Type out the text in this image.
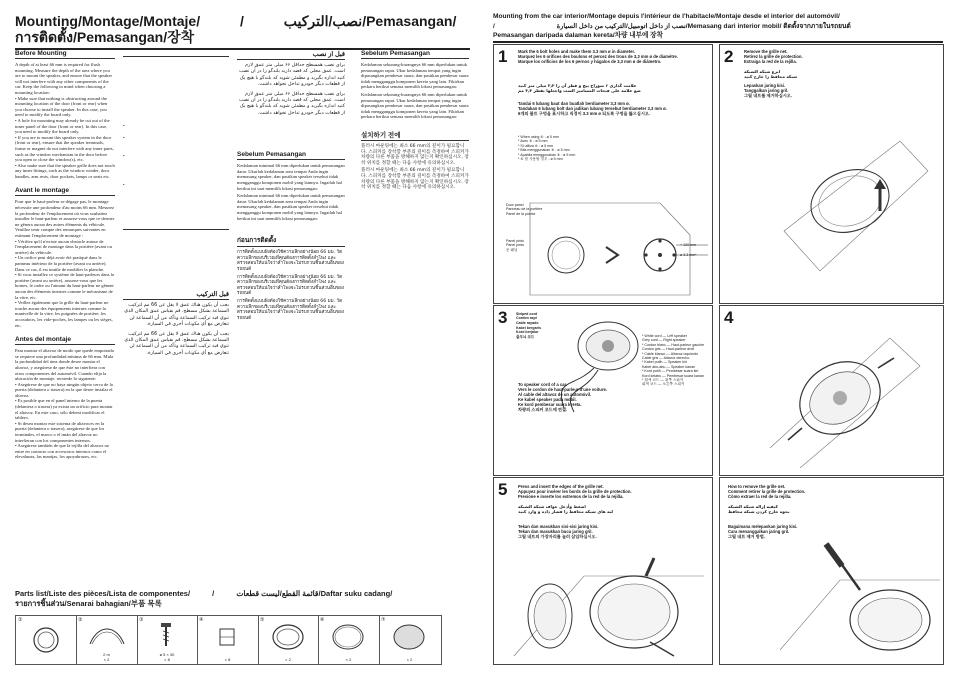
Mounting/Montage/Montaje/	/	نصب/التركيب/Pemasangan/
การติดตั้ง/Pemasangan/장착
Before Mounting

A depth of at least 66 mm is required for flush mounting. Measure the depth of the area where you are to mount the speaker, and ensure that the speaker will not interfere with any other components of the car. Keep the following in mind when choosing a mounting location:

• Make sure that nothing is obstructing around the mounting location of the door (front or rear) when you choose to install the speaker. In this case, you need to modify the board only.

• A hole for mounting may already be cut out of the inner panel of the door (front or rear). In this case, you need to modify the board only.

• If you are to mount this speaker system in the door (front or rear), ensure that the speaker terminals, frame or magnet do not interfere with any inner parts, such as the window mechanism in the door before you open or close the window(s), etc.

• Also make sure that the speaker grille does not touch any inner fittings, such as the window winder, door handles, arm rests, door pockets, lamps or seats etc.

Avant le montage

Pour que le haut-parleur se dégage pas, le montage nécessite une profondeur d'au moins 66 mm. Mesurez la profondeur de l'emplacement où vous souhaitez installer le haut-parleur et assurez-vous que ce dernier ne gênera aucun des autres éléments du véhicule. Veuillez tenir compte des remarques suivantes en estimant l'emplacement de montage :

• Vérifiez qu'il n'existe aucun obstacle autour de l'emplacement de montage dans la portière (avant ou arrière) du véhicule.

• Un orifice peut déjà avoir été pratiqué dans le panneau intérieur de la portière (avant ou arrière). Dans ce cas, il est inutile de modifier la planche.

• Si vous installez ce système de haut-parleurs dans la portière (avant ou arrière), assurez-vous que les bornes, le cadre ou l'aimant du haut-parleur ne gênent aucun des éléments internes comme le mécanisme de la vitre, etc.

• Veillez également que la grille du haut-parleur ne touche aucun des équipements internes comme la manivelle de la vitre, les poignées de portière, les accoudoirs, les vide-poches, les lampes ou les sièges, etc.

Antes del montaje

Para montar el altavoz de modo que quede empotrado se requiere una profundidad mínima de 66 mm. Mida la profundidad del área donde desee montar el altavoz, y asegúrese de que éste no interfiera con otros componentes del automóvil. Cuando elija la ubicación de montaje, recuerde lo siguiente:

• Asegúrese de que no haya ningún objeto cerca de la puerta (delantera o trasera) en la que desee instalar el altavoz.

• Es posible que en el panel interno de la puerta (delantera o trasera) ya exista un orificio para montar el altavoz. En este caso, sólo deberá modificar el tablero.

• Si desea montar este sistema de altavoces en la puerta (delantera o trasera), asegúrese de que los terminales, el marco o el imán del altavoz no interfieran con los componentes internos.

• Asegúrese también de que la rejilla del altavoz no entre en contacto con accesorios internos como el elevalunas, las manijas, los apoyabrazos, etc.

•
•
•
•
قبل التركيب

يجب أن يكون هناك عمق لا يقل عن 66 مم لتركيب السماعة بشكل مسطح. قم بقياس عمق المكان الذي تنوي فيه تركيب السماعة وتأكد من أن السماعة لن تتعارض مع أي مكونات أخرى في السيارة.

يجب أن يكون هناك عمق لا يقل عن 66 مم لتركيب السماعة بشكل مسطح. قم بقياس عمق المكان الذي تنوي فيه تركيب السماعة وتأكد من أن السماعة لن تتعارض مع أي مكونات أخرى في السيارة.

قبل از نصب

برای نصب همسطح حداقل ۶۶ میلی متر عمق لازم است. عمق محلی که قصد دارید بلندگو را در آن نصب کنید اندازه بگیرید و مطمئن شوید که بلندگو با هیچ یک از قطعات دیگر خودرو تداخل نخواهد داشت.

برای نصب همسطح حداقل ۶۶ میلی متر عمق لازم است. عمق محلی که قصد دارید بلندگو را در آن نصب کنید اندازه بگیرید و مطمئن شوید که بلندگو با هیچ یک از قطعات دیگر خودرو تداخل نخواهد داشت.

Sebelum Pemasangan

Kedalaman minimal 66 mm diperlukan untuk pemasangan datar. Ukurlah kedalaman area tempat Anda ingin memasang speaker, dan pastikan speaker tersebut tidak mengganggu komponen mobil yang lainnya. Ingatlah hal berikut ini saat memilih lokasi pemasangan:

Kedalaman minimal 66 mm diperlukan untuk pemasangan datar. Ukurlah kedalaman area tempat Anda ingin memasang speaker, dan pastikan speaker tersebut tidak mengganggu komponen mobil yang lainnya. Ingatlah hal berikut ini saat memilih lokasi pemasangan:

ก่อนการติดตั้ง

การติดตั้งแบบฝังต้องใช้ความลึกอย่างน้อย 66 มม. วัดความลึกของบริเวณที่คุณต้องการติดตั้งลำโพง และตรวจสอบให้แน่ใจว่าลำโพงจะไม่รบกวนชิ้นส่วนอื่นของรถยนต์

การติดตั้งแบบฝังต้องใช้ความลึกอย่างน้อย 66 มม. วัดความลึกของบริเวณที่คุณต้องการติดตั้งลำโพง และตรวจสอบให้แน่ใจว่าลำโพงจะไม่รบกวนชิ้นส่วนอื่นของรถยนต์

การติดตั้งแบบฝังต้องใช้ความลึกอย่างน้อย 66 มม. วัดความลึกของบริเวณที่คุณต้องการติดตั้งลำโพง และตรวจสอบให้แน่ใจว่าลำโพงจะไม่รบกวนชิ้นส่วนอื่นของรถยนต์

Sebelum Pemasangan

Kedalaman sekurang-kurangnya 66 mm diperlukan untuk pemasangan rapat. Ukur kedalaman tempat yang ingin dipasangkan pembesar suara, dan pastikan pembesar suara tidak mengganggu komponen kereta yang lain. Fikirkan perkara berikut semasa memilih lokasi pemasangan:

Kedalaman sekurang-kurangnya 66 mm diperlukan untuk pemasangan rapat. Ukur kedalaman tempat yang ingin dipasangkan pembesar suara, dan pastikan pembesar suara tidak mengganggu komponen kereta yang lain. Fikirkan perkara berikut semasa memilih lokasi pemasangan:

설치하기 전에

플러시 마운팅에는 최소 66 mm의 깊이가 필요합니다. 스피커를 장착할 부분의 깊이를 측정하여 스피커가 차량의 다른 부품을 방해하지 않는지 확인하십시오. 장착 위치를 정할 때는 다음 사항에 유의하십시오.

플러시 마운팅에는 최소 66 mm의 깊이가 필요합니다. 스피커를 장착할 부분의 깊이를 측정하여 스피커가 차량의 다른 부품을 방해하지 않는지 확인하십시오. 장착 위치를 정할 때는 다음 사항에 유의하십시오.

Parts list/Liste des pièces/Lista de componentes/	/	قائمة القطع/لیست قطعات/Daftar suku cadang/
รายการชิ้นส่วน/Senarai bahagian/부품 목록
①	②
2 m
× 2
③
ø 5 × 30
× 8
④
× 8
⑤
× 2
⑥
× 2
⑦
× 2
Mounting from the car interior/Montage depuis l'intérieur de l'habitacle/Montaje desde el interior del automóvil/
/	نصب از داخل اتومبیل/التركيب من داخل السيارة/Memasang dari interior mobil/ ติดตั้งจากภายในรถยนต์
Pemasangan daripada dalaman kereta/차량 내부에 장착
1	Mark the 6 bolt holes and make them 3.3 mm ø in diameter.
Marquez les 6 orifices des boulons et percez des trous de 3,3 mm ø de diamètre.
Marque los orificios de los 6 pernos y hágalos de 3,3 mm ø de diámetro.
علامت گذاری ۶ سوراخ پیچ و قطر آن را ۳٫۳ میلی متر کنید
ضع علامة على فتحات المسامير الست واجعلها بقطر ٣٫٣ مم
Tandai 6 lubang baut dan buatlah berdiameter 3,3 mm ø.
Tandakan 6 lubang bolt dan jadikan lubang tersebut berdiameter 3,3 mm ø.
6개의 볼트 구멍을 표시하고 직경이 3.3 mm ø 되도록 구멍을 뚫으십시오.
* When using ⑥ : ø 5 mm
* Avec ⑥ : ø 5 mm
* Si utiliza ⑥ : ø 5 mm
* Bila menggunakan ⑥ : ø 5 mm
* Apabila menggunakan ⑥ : ø 5 mm
* ⑥ 를 사용할 경우 : ø 5 mm
Door panel
Panneau de la portière
Panel de la puerta
Panel pintu
Panel pintu
문 패널
+ 120 mm
ø 3.3 mm*
2	Remove the grille net.
Retirez la grille de protection.
Extraiga la red de la rejilla.
انزع شبكة الشبكة
شبکه محافظ را خارج کنید
Lepaskan jaring kisi.
Tanggalkan jaring gril.
그릴 네트를 제거하십시오.
3 Striped cord
Cordon rayé
Cable rayado
Kabel bergaris
Kord berjalur
줄무늬 코드	* White cord — Left speaker
Grey cord — Right speaker
* Cordon blanc — Haut-parleur gauche
Cordon gris — Haut-parleur droit
* Cable blanco — Altavoz izquierdo
Cable gris — Altavoz derecho
* Kabel putih — Speaker kiri
Kabel abu-abu — Speaker kanan
* Kord putih — Pembesar suara kiri
Kord kelabu — Pembesar suara kanan
* 흰색 코드 — 왼쪽 스피커
회색 코드 — 오른쪽 스피커
To speaker cord of a car.
Vers le cordon de haut-parleur d'une voiture.
Al cable del altavoz de un automóvil.
Ke kabel speaker pada mobil.
Ke kord pembesar suara kereta.
차량의 스피커 코드에 연결.
4
5	Press and insert the edges of the grille net.
Appuyez pour insérer les bords de la grille de protection.
Presione e inserte los extremos de la red de la rejilla.
اضغط وأدخل حواف شبكة الشبكة
لبه های شبکه محافظ را فشار داده و وارد کنید
Tekan dan masukkan sisi-sisi jaring kisi.
Tekan dan masukkan bucu jaring gril.
그릴 네트의 가장자리를 눌러 삽입하십시오.
How to remove the grille net.
Comment retirer la grille de protection.
Cómo extraer la red de la rejilla.
كيفية إزالة شبكة الشبكة
نحوه خارج کردن شبکه محافظ
Bagaimana melepaskan jaring kisi.
Cara menanggalkan jaring gril.
그릴 네트 제거 방법.
